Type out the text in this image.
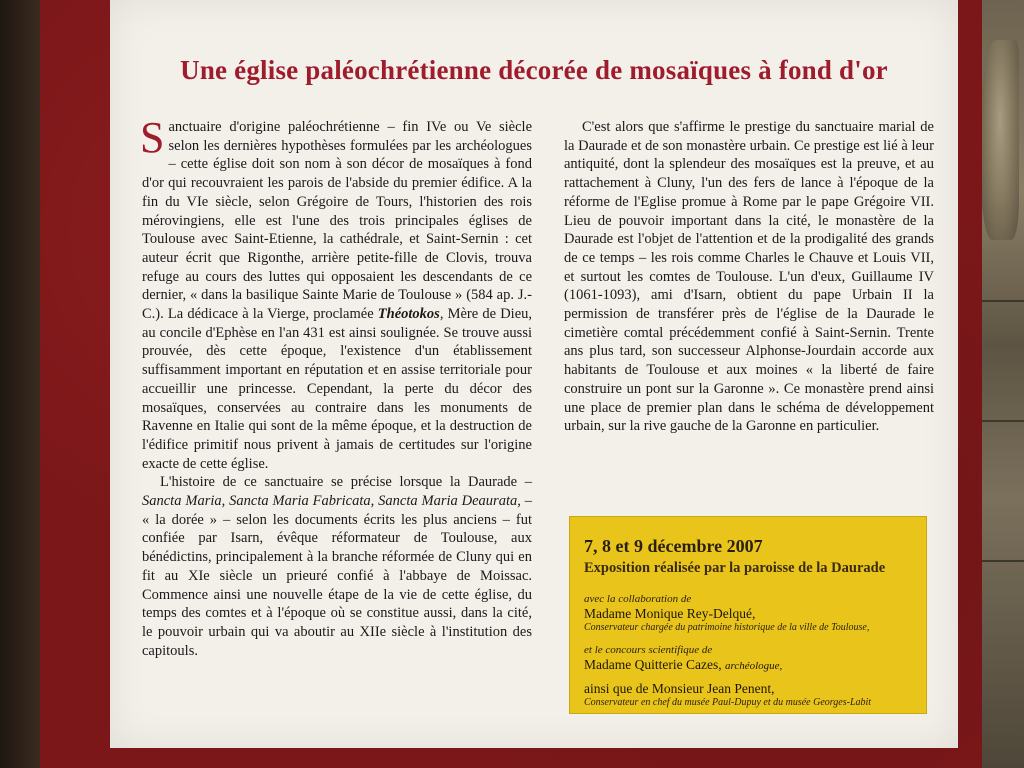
Une église paléochrétienne décorée de mosaïques à fond d'or

Sanctuaire d'origine paléochrétienne – fin IVe ou Ve siècle selon les dernières hypothèses formulées par les archéologues – cette église doit son nom à son décor de mosaïques à fond d'or qui recouvraient les parois de l'abside du premier édifice. A la fin du VIe siècle, selon Grégoire de Tours, l'historien des rois mérovingiens, elle est l'une des trois principales églises de Toulouse avec Saint-Etienne, la cathédrale, et Saint-Sernin : cet auteur écrit que Rigonthe, arrière petite-fille de Clovis, trouva refuge au cours des luttes qui opposaient les descendants de ce dernier, « dans la basilique Sainte Marie de Toulouse » (584 ap. J.-C.). La dédicace à la Vierge, proclamée Théotokos, Mère de Dieu, au concile d'Ephèse en l'an 431 est ainsi soulignée. Se trouve aussi prouvée, dès cette époque, l'existence d'un établissement suffisamment important en réputation et en assise territoriale pour accueillir une princesse. Cependant, la perte du décor des mosaïques, conservées au contraire dans les monuments de Ravenne en Italie qui sont de la même époque, et la destruction de l'édifice primitif nous privent à jamais de certitudes sur l'origine exacte de cette église.

L'histoire de ce sanctuaire se précise lorsque la Daurade – Sancta Maria, Sancta Maria Fabricata, Sancta Maria Deaurata, – « la dorée » – selon les documents écrits les plus anciens – fut confiée par Isarn, évêque réformateur de Toulouse, aux bénédictins, principalement à la branche réformée de Cluny qui en fit au XIe siècle un prieuré confié à l'abbaye de Moissac. Commence ainsi une nouvelle étape de la vie de cette église, du temps des comtes et à l'époque où se constitue aussi, dans la cité, le pouvoir urbain qui va aboutir au XIIe siècle à l'institution des capitouls.

C'est alors que s'affirme le prestige du sanctuaire marial de la Daurade et de son monastère urbain. Ce prestige est lié à leur antiquité, dont la splendeur des mosaïques est la preuve, et au rattachement à Cluny, l'un des fers de lance à l'époque de la réforme de l'Eglise promue à Rome par le pape Grégoire VII. Lieu de pouvoir important dans la cité, le monastère de la Daurade est l'objet de l'attention et de la prodigalité des grands de ce temps – les rois comme Charles le Chauve et Louis VII, et surtout les comtes de Toulouse. L'un d'eux, Guillaume IV (1061-1093), ami d'Isarn, obtient du pape Urbain II la permission de transférer près de l'église de la Daurade le cimetière comtal précédemment confié à Saint-Sernin. Trente ans plus tard, son successeur Alphonse-Jourdain accorde aux habitants de Toulouse et aux moines « la liberté de faire construire un pont sur la Garonne ». Ce monastère prend ainsi une place de premier plan dans le schéma de développement urbain, sur la rive gauche de la Garonne en particulier.

7, 8 et 9 décembre 2007
Exposition réalisée par la paroisse de la Daurade
avec la collaboration de
Madame Monique Rey-Delqué,
Conservateur chargée du patrimoine historique de la ville de Toulouse,
et le concours scientifique de
Madame Quitterie Cazes, archéologue,
ainsi que de Monsieur Jean Penent,
Conservateur en chef du musée Paul-Dupuy et du musée Georges-Labit
